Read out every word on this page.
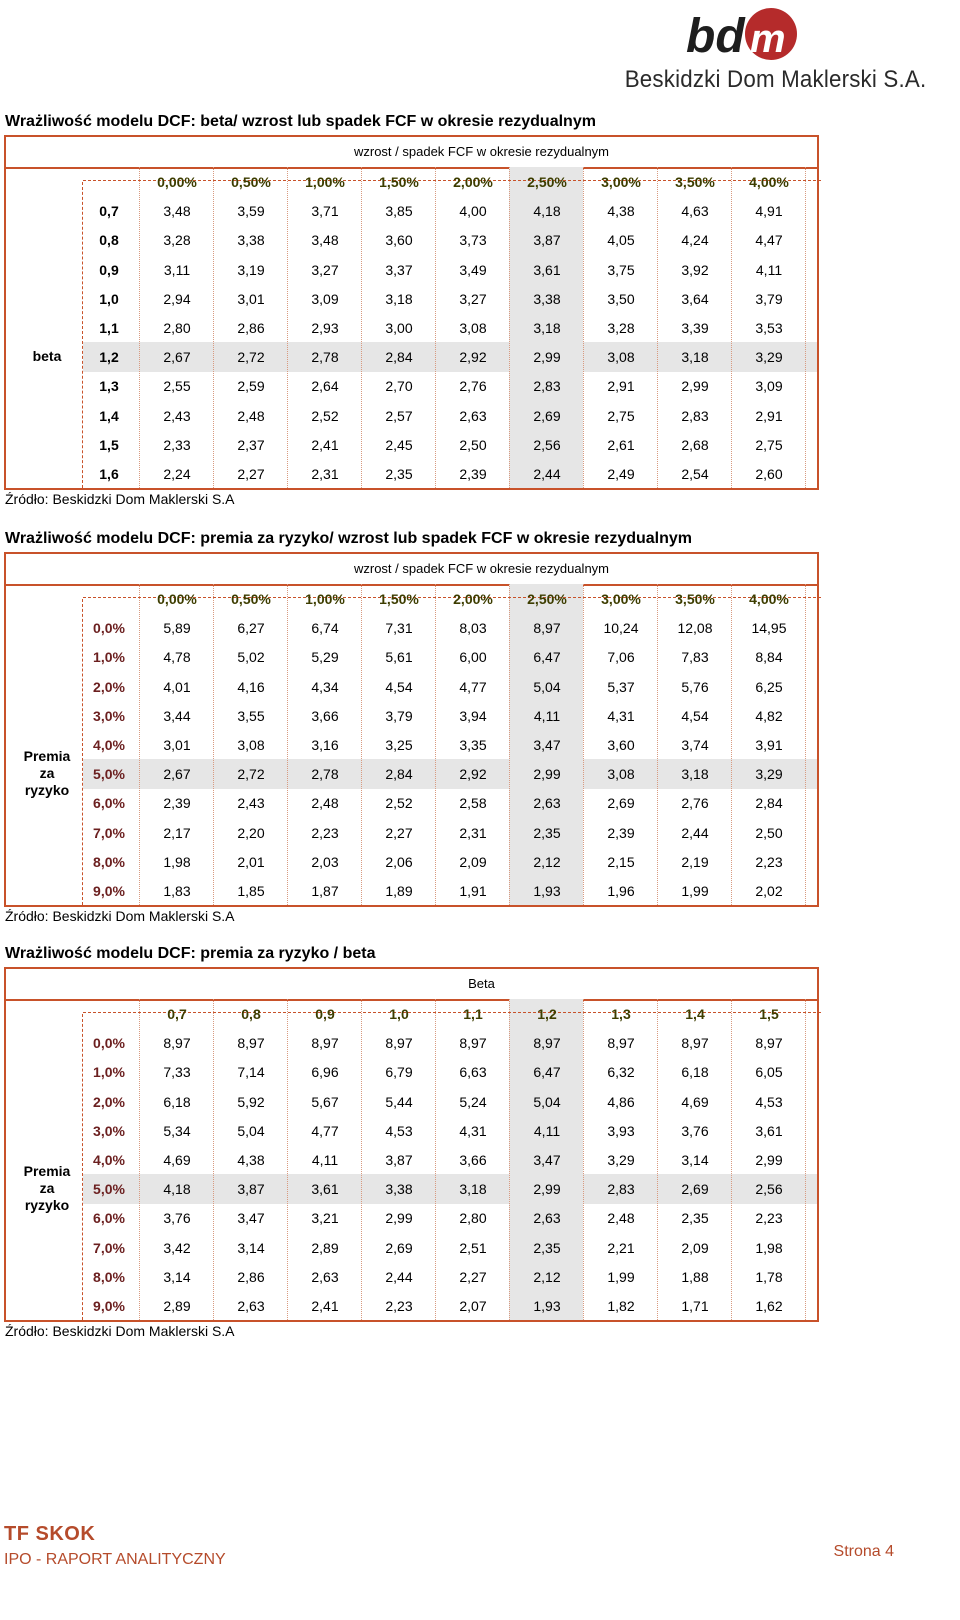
bd m
Beskidzki Dom Maklerski S.A.
Wrażliwość modelu DCF: beta/ wzrost lub spadek FCF w okresie rezydualnym
wzrost / spadek FCF w okresie rezydualnym
0,00%	0,50%	1,00%	1,50%	2,00%	2,50%	3,00%	3,50%	4,00%
0,7	3,48	3,59	3,71	3,85	4,00	4,18	4,38	4,63	4,91
0,8	3,28	3,38	3,48	3,60	3,73	3,87	4,05	4,24	4,47
0,9	3,11	3,19	3,27	3,37	3,49	3,61	3,75	3,92	4,11
1,0	2,94	3,01	3,09	3,18	3,27	3,38	3,50	3,64	3,79
1,1	2,80	2,86	2,93	3,00	3,08	3,18	3,28	3,39	3,53
1,2	2,67	2,72	2,78	2,84	2,92	2,99	3,08	3,18	3,29
1,3	2,55	2,59	2,64	2,70	2,76	2,83	2,91	2,99	3,09
1,4	2,43	2,48	2,52	2,57	2,63	2,69	2,75	2,83	2,91
1,5	2,33	2,37	2,41	2,45	2,50	2,56	2,61	2,68	2,75
1,6	2,24	2,27	2,31	2,35	2,39	2,44	2,49	2,54	2,60
beta
Źródło: Beskidzki Dom Maklerski S.A
Wrażliwość modelu DCF: premia za ryzyko/ wzrost lub spadek FCF w okresie rezydualnym
wzrost / spadek FCF w okresie rezydualnym
0,00%	0,50%	1,00%	1,50%	2,00%	2,50%	3,00%	3,50%	4,00%
0,0%	5,89	6,27	6,74	7,31	8,03	8,97	10,24	12,08	14,95
1,0%	4,78	5,02	5,29	5,61	6,00	6,47	7,06	7,83	8,84
2,0%	4,01	4,16	4,34	4,54	4,77	5,04	5,37	5,76	6,25
3,0%	3,44	3,55	3,66	3,79	3,94	4,11	4,31	4,54	4,82
4,0%	3,01	3,08	3,16	3,25	3,35	3,47	3,60	3,74	3,91
5,0%	2,67	2,72	2,78	2,84	2,92	2,99	3,08	3,18	3,29
6,0%	2,39	2,43	2,48	2,52	2,58	2,63	2,69	2,76	2,84
7,0%	2,17	2,20	2,23	2,27	2,31	2,35	2,39	2,44	2,50
8,0%	1,98	2,01	2,03	2,06	2,09	2,12	2,15	2,19	2,23
9,0%	1,83	1,85	1,87	1,89	1,91	1,93	1,96	1,99	2,02
Premia
za
ryzyko
Źródło: Beskidzki Dom Maklerski S.A
Wrażliwość modelu DCF: premia za ryzyko / beta
Beta
0,7	0,8	0,9	1,0	1,1	1,2	1,3	1,4	1,5
0,0%	8,97	8,97	8,97	8,97	8,97	8,97	8,97	8,97	8,97
1,0%	7,33	7,14	6,96	6,79	6,63	6,47	6,32	6,18	6,05
2,0%	6,18	5,92	5,67	5,44	5,24	5,04	4,86	4,69	4,53
3,0%	5,34	5,04	4,77	4,53	4,31	4,11	3,93	3,76	3,61
4,0%	4,69	4,38	4,11	3,87	3,66	3,47	3,29	3,14	2,99
5,0%	4,18	3,87	3,61	3,38	3,18	2,99	2,83	2,69	2,56
6,0%	3,76	3,47	3,21	2,99	2,80	2,63	2,48	2,35	2,23
7,0%	3,42	3,14	2,89	2,69	2,51	2,35	2,21	2,09	1,98
8,0%	3,14	2,86	2,63	2,44	2,27	2,12	1,99	1,88	1,78
9,0%	2,89	2,63	2,41	2,23	2,07	1,93	1,82	1,71	1,62
Premia
za
ryzyko
Źródło: Beskidzki Dom Maklerski S.A
TF SKOK
IPO - RAPORT ANALITYCZNY	Strona 4
